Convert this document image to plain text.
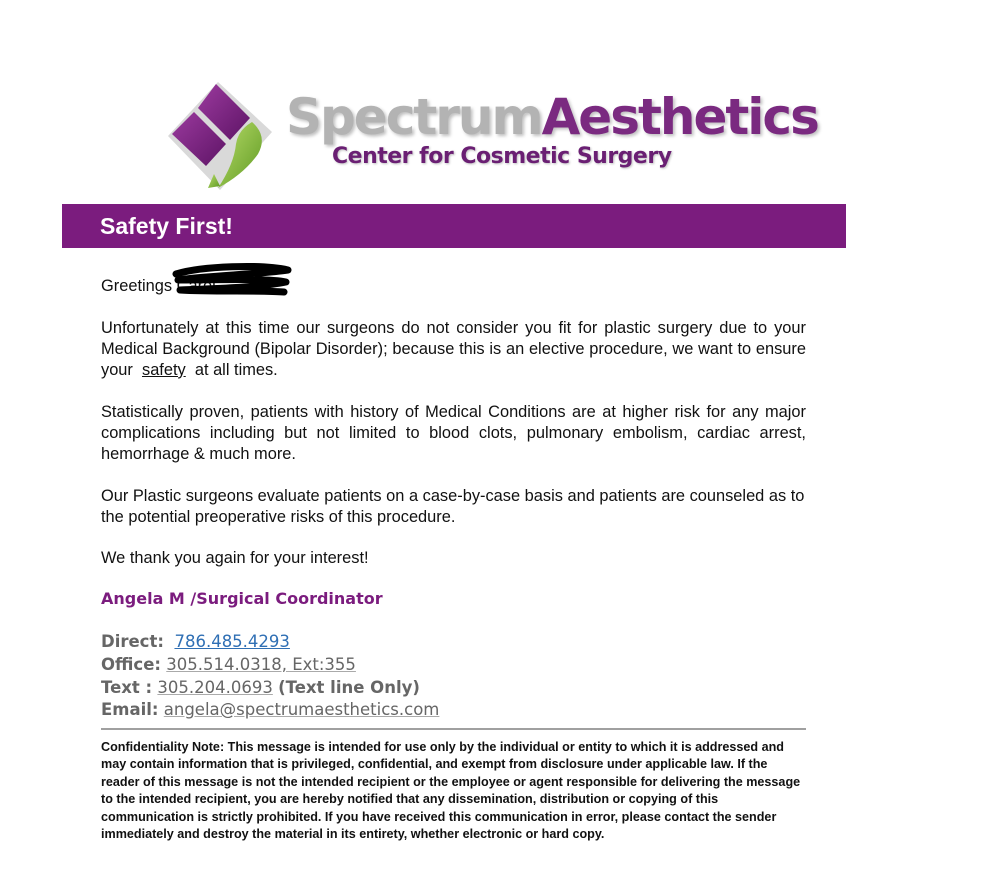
SpectrumAesthetics
Center for Cosmetic Surgery
Safety First!
Greetings Carol,
Unfortunately at this time our surgeons do not consider you fit for plastic surgery due to your Medical Background (Bipolar Disorder); because this is an elective procedure, we want to ensure your safety at all times.
Statistically proven, patients with history of Medical Conditions are at higher risk for any major complications including but not limited to blood clots, pulmonary embolism, cardiac arrest, hemorrhage & much more.
Our Plastic surgeons evaluate patients on a case-by-case basis and patients are counseled as to the potential preoperative risks of this procedure.
We thank you again for your interest!
Angela M /Surgical Coordinator
Direct: 786.485.4293
Office: 305.514.0318, Ext:355
Text : 305.204.0693 (Text line Only)
Email: angela@spectrumaesthetics.com
Confidentiality Note: This message is intended for use only by the individual or entity to which it is addressed and may contain information that is privileged, confidential, and exempt from disclosure under applicable law. If the reader of this message is not the intended recipient or the employee or agent responsible for delivering the message to the intended recipient, you are hereby notified that any dissemination, distribution or copying of this communication is strictly prohibited. If you have received this communication in error, please contact the sender immediately and destroy the material in its entirety, whether electronic or hard copy.
